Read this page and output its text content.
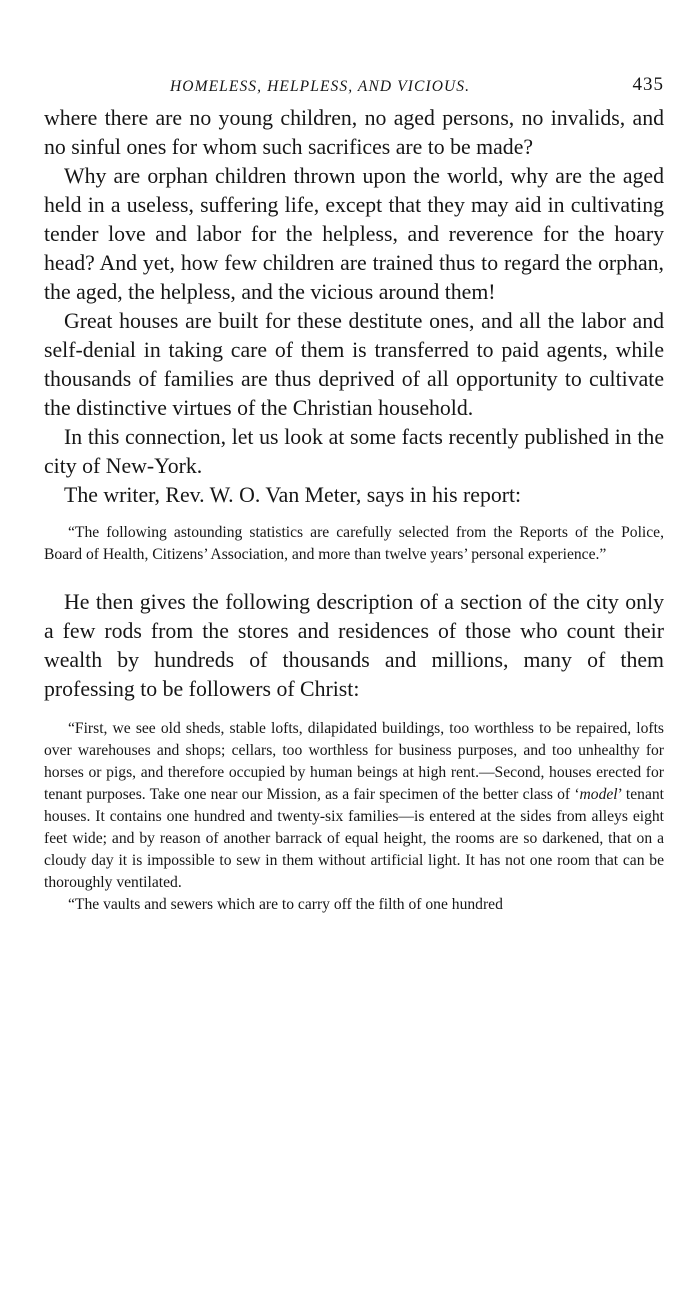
HOMELESS, HELPLESS, AND VICIOUS.	435

where there are no young children, no aged persons, no invalids, and no sinful ones for whom such sacrifices are to be made?

Why are orphan children thrown upon the world, why are the aged held in a useless, suffering life, except that they may aid in cultivating tender love and labor for the helpless, and reverence for the hoary head? And yet, how few children are trained thus to regard the orphan, the aged, the helpless, and the vicious around them!

Great houses are built for these destitute ones, and all the labor and self-denial in taking care of them is transferred to paid agents, while thousands of families are thus deprived of all opportunity to cultivate the distinctive virtues of the Christian household.

In this connection, let us look at some facts recently published in the city of New-York.

The writer, Rev. W. O. Van Meter, says in his report:

“The following astounding statistics are carefully selected from the Reports of the Police, Board of Health, Citizens’ Association, and more than twelve years’ personal experience.”

He then gives the following description of a section of the city only a few rods from the stores and residences of those who count their wealth by hundreds of thousands and millions, many of them professing to be followers of Christ:

“First, we see old sheds, stable lofts, dilapidated buildings, too worthless to be repaired, lofts over warehouses and shops; cellars, too worthless for business purposes, and too unhealthy for horses or pigs, and therefore occupied by human beings at high rent.—Second, houses erected for tenant purposes. Take one near our Mission, as a fair specimen of the better class of ‘model’ tenant houses. It contains one hundred and twenty-six families—is entered at the sides from alleys eight feet wide; and by reason of another barrack of equal height, the rooms are so darkened, that on a cloudy day it is impossible to sew in them without artificial light. It has not one room that can be thoroughly ventilated.

“The vaults and sewers which are to carry off the filth of one hundred
